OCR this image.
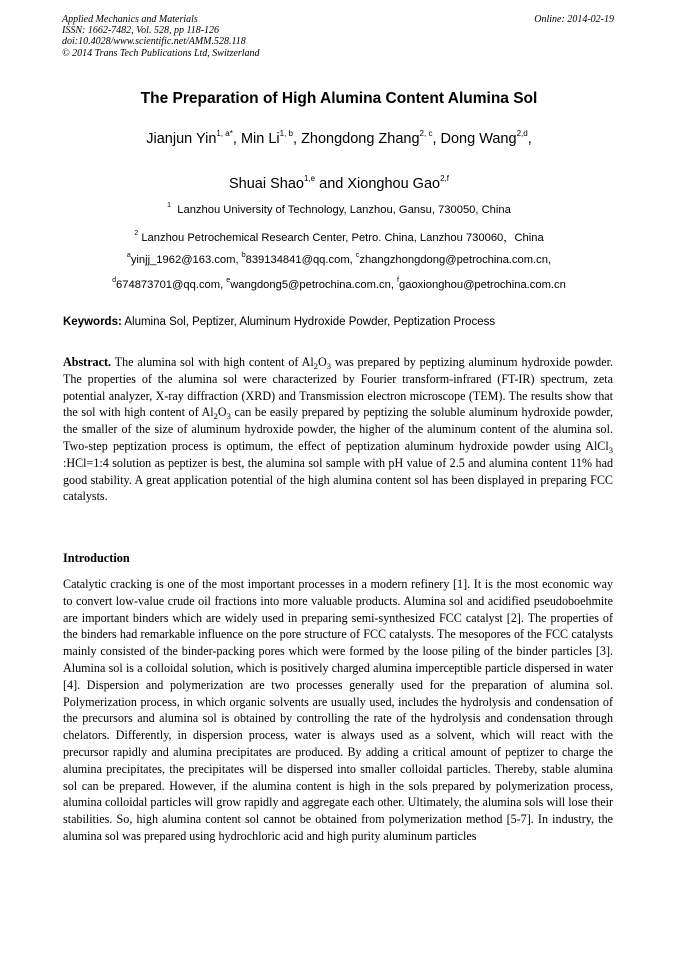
Applied Mechanics and Materials
ISSN: 1662-7482, Vol. 528, pp 118-126
doi:10.4028/www.scientific.net/AMM.528.118
© 2014 Trans Tech Publications Ltd, Switzerland
Online: 2014-02-19
The Preparation of High Alumina Content Alumina Sol
Jianjun Yin$^{1, a*}$, Min Li$^{1, b}$, Zhongdong Zhang$^{2, c}$, Dong Wang$^{2,d}$,
Shuai Shao$^{1,e}$ and Xionghou Gao$^{2,f}$
$^1$ Lanzhou University of Technology, Lanzhou, Gansu, 730050, China
$^2$ Lanzhou Petrochemical Research Center, Petro. China, Lanzhou 730060，China
$^a$yinjj_1962@163.com, $^b$839134841@qq.com, $^c$zhangzhongdong@petrochina.com.cn,
$^d$674873701@qq.com, $^e$wangdong5@petrochina.com.cn, $^f$gaoxionghou@petrochina.com.cn
Keywords: Alumina Sol, Peptizer, Aluminum Hydroxide Powder, Peptization Process
Abstract. The alumina sol with high content of $Al_2O_3$ was prepared by peptizing aluminum hydroxide powder. The properties of the alumina sol were characterized by Fourier transform-infrared (FT-IR) spectrum, zeta potential analyzer, X-ray diffraction (XRD) and Transmission electron microscope (TEM). The results show that the sol with high content of $Al_2O_3$ can be easily prepared by peptizing the soluble aluminum hydroxide powder, the smaller of the size of aluminum hydroxide powder, the higher of the aluminum content of the alumina sol. Two-step peptization process is optimum, the effect of peptization aluminum hydroxide powder using AlCl$_3$ :HCl=1:4 solution as peptizer is best, the alumina sol sample with pH value of 2.5 and alumina content 11% had good stability. A great application potential of the high alumina content sol has been displayed in preparing FCC catalysts.
Introduction
Catalytic cracking is one of the most important processes in a modern refinery [1]. It is the most economic way to convert low-value crude oil fractions into more valuable products. Alumina sol and acidified pseudoboehmite are important binders which are widely used in preparing semi-synthesized FCC catalyst [2]. The properties of the binders had remarkable influence on the pore structure of FCC catalysts. The mesopores of the FCC catalysts mainly consisted of the binder-packing pores which were formed by the loose piling of the binder particles [3]. Alumina sol is a colloidal solution, which is positively charged alumina imperceptible particle dispersed in water [4]. Dispersion and polymerization are two processes generally used for the preparation of alumina sol. Polymerization process, in which organic solvents are usually used, includes the hydrolysis and condensation of the precursors and alumina sol is obtained by controlling the rate of the hydrolysis and condensation through chelators. Differently, in dispersion process, water is always used as a solvent, which will react with the precursor rapidly and alumina precipitates are produced. By adding a critical amount of peptizer to charge the alumina precipitates, the precipitates will be dispersed into smaller colloidal particles. Thereby, stable alumina sol can be prepared. However, if the alumina content is high in the sols prepared by polymerization process, alumina colloidal particles will grow rapidly and aggregate each other. Ultimately, the alumina sols will lose their stabilities. So, high alumina content sol cannot be obtained from polymerization method [5-7]. In industry, the alumina sol was prepared using hydrochloric acid and high purity aluminum particles
